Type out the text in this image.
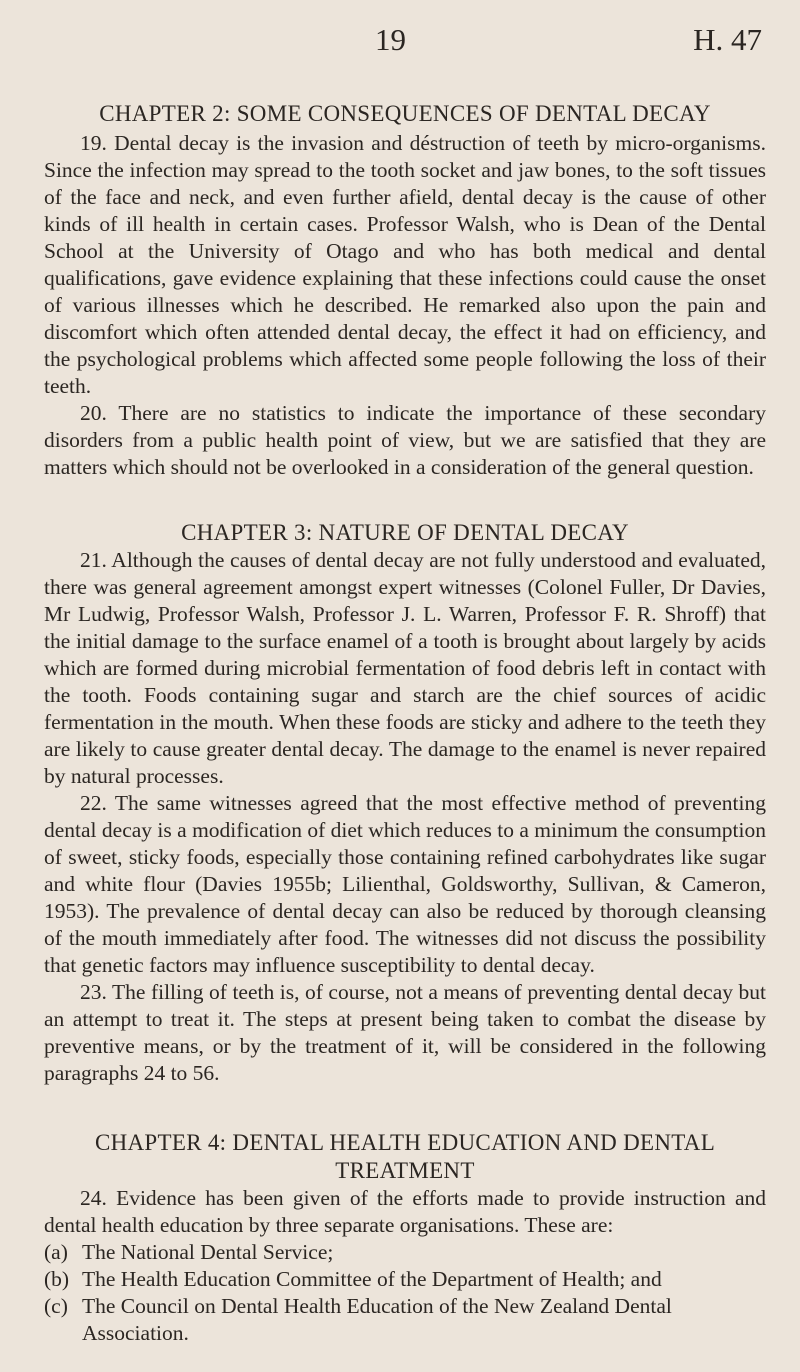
19	H. 47
CHAPTER 2: SOME CONSEQUENCES OF DENTAL DECAY

19. Dental decay is the invasion and déstruction of teeth by micro-organisms. Since the infection may spread to the tooth socket and jaw bones, to the soft tissues of the face and neck, and even further afield, dental decay is the cause of other kinds of ill health in certain cases. Professor Walsh, who is Dean of the Dental School at the University of Otago and who has both medical and dental qualifications, gave evidence explaining that these infections could cause the onset of various illnesses which he described. He remarked also upon the pain and discomfort which often attended dental decay, the effect it had on efficiency, and the psychological problems which affected some people following the loss of their teeth.

20. There are no statistics to indicate the importance of these secondary disorders from a public health point of view, but we are satisfied that they are matters which should not be overlooked in a consideration of the general question.

CHAPTER 3: NATURE OF DENTAL DECAY

21. Although the causes of dental decay are not fully understood and evaluated, there was general agreement amongst expert witnesses (Colonel Fuller, Dr Davies, Mr Ludwig, Professor Walsh, Professor J. L. Warren, Professor F. R. Shroff) that the initial damage to the surface enamel of a tooth is brought about largely by acids which are formed during microbial fermentation of food debris left in contact with the tooth. Foods containing sugar and starch are the chief sources of acidic fermentation in the mouth. When these foods are sticky and adhere to the teeth they are likely to cause greater dental decay. The damage to the enamel is never repaired by natural processes.

22. The same witnesses agreed that the most effective method of preventing dental decay is a modification of diet which reduces to a minimum the consumption of sweet, sticky foods, especially those containing refined carbohydrates like sugar and white flour (Davies 1955b; Lilienthal, Goldsworthy, Sullivan, & Cameron, 1953). The prevalence of dental decay can also be reduced by thorough cleansing of the mouth immediately after food. The witnesses did not discuss the possibility that genetic factors may influence susceptibility to dental decay.

23. The filling of teeth is, of course, not a means of preventing dental decay but an attempt to treat it. The steps at present being taken to combat the disease by preventive means, or by the treatment of it, will be considered in the following paragraphs 24 to 56.

CHAPTER 4: DENTAL HEALTH EDUCATION AND DENTAL
TREATMENT

24. Evidence has been given of the efforts made to provide instruction and dental health education by three separate organisations. These are:

(a) The National Dental Service;
(b) The Health Education Committee of the Department of Health; and
(c) The Council on Dental Health Education of the New Zealand Dental Association.
